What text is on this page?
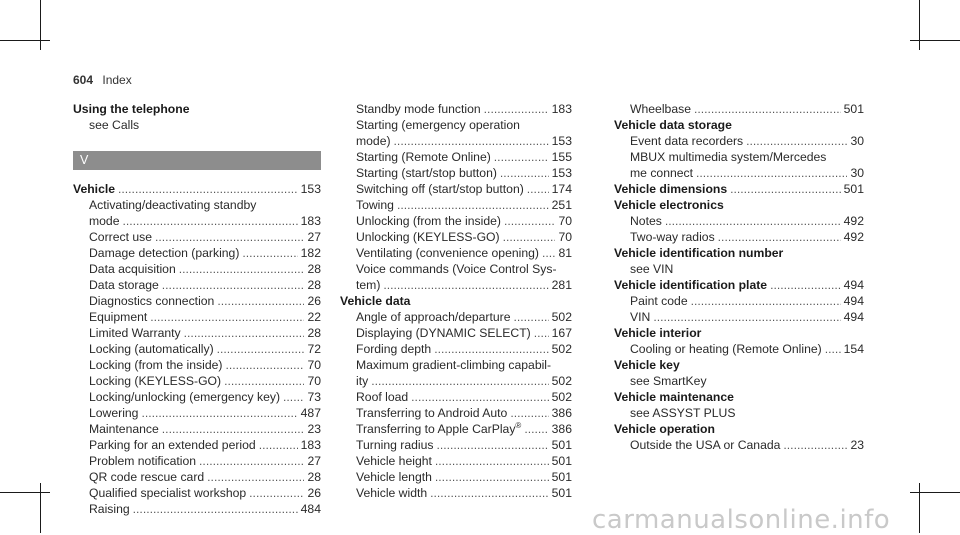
604 Index
Using the telephone
see Calls
V
Vehicle .....	153
Activating/deactivating standby
mode .....	183
Correct use .....	27
Damage detection (parking) .....	182
Data acquisition .....	28
Data storage .....	28
Diagnostics connection .....	26
Equipment .....	22
Limited Warranty .....	28
Locking (automatically) .....	72
Locking (from the inside) .....	70
Locking (KEYLESS-GO) .....	70
Locking/unlocking (emergency key) ..... 73
Lowering .....	487
Maintenance .....	23
Parking for an extended period .....	183
Problem notification .....	27
QR code rescue card .....	28
Qualified specialist workshop .....	26
Raising .....	484
Standby mode function .....	183
Starting (emergency operation
mode) .....	153
Starting (Remote Online) .....	155
Starting (start/stop button) .....	153
Switching off (start/stop button) ..... 174
Towing .....	251
Unlocking (from the inside) .....	70
Unlocking (KEYLESS-GO) .....	70
Ventilating (convenience opening) ..... 81
Voice commands (Voice Control Sys-
tem) .....	281
Vehicle data
Angle of approach/departure .....	502
Displaying (DYNAMIC SELECT) ..... 167
Fording depth .....	502
Maximum gradient-climbing capabil-
ity .....	502
Roof load .....	502
Transferring to Android Auto .....	386
Transferring to Apple CarPlay® ..... 386
Turning radius .....	501
Vehicle height .....	501
Vehicle length .....	501
Vehicle width .....	501
Wheelbase .....	501
Vehicle data storage
Event data recorders .....	30
MBUX multimedia system/Mercedes
me connect .....	30
Vehicle dimensions .....	501
Vehicle electronics
Notes .....	492
Two-way radios .....	492
Vehicle identification number
see VIN
Vehicle identification plate .....	494
Paint code .....	494
VIN .....	494
Vehicle interior
Cooling or heating (Remote Online) ..... 154
Vehicle key
see SmartKey
Vehicle maintenance
see ASSYST PLUS
Vehicle operation
Outside the USA or Canada .....	23
carmanualsonline.info
